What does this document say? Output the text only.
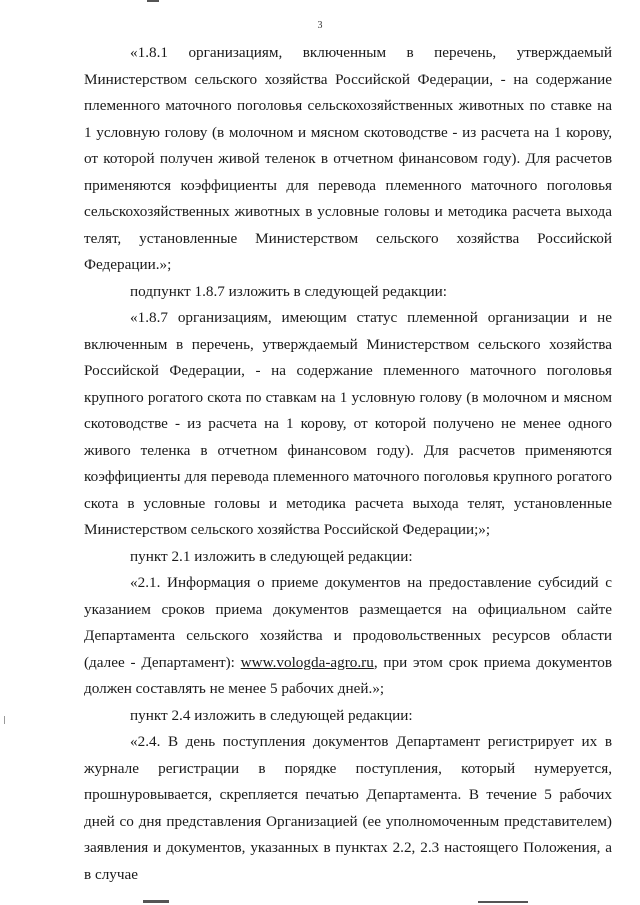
3

«1.8.1 организациям, включенным в перечень, утверждаемый Министерством сельского хозяйства Российской Федерации, - на содержание племенного маточного поголовья сельскохозяйственных животных по ставке на 1 условную голову (в молочном и мясном скотоводстве - из расчета на 1 корову, от которой получен живой теленок в отчетном финансовом году). Для расчетов применяются коэффициенты для перевода племенного маточного поголовья сельскохозяйственных животных в условные головы и методика расчета выхода телят, установленные Министерством сельского хозяйства Российской Федерации.»;

подпункт 1.8.7 изложить в следующей редакции:

«1.8.7 организациям, имеющим статус племенной организации и не включенным в перечень, утверждаемый Министерством сельского хозяйства Российской Федерации, - на содержание племенного маточного поголовья крупного рогатого скота по ставкам на 1 условную голову (в молочном и мясном скотоводстве - из расчета на 1 корову, от которой получено не менее одного живого теленка в отчетном финансовом году). Для расчетов применяются коэффициенты для перевода племенного маточного поголовья крупного рогатого скота в условные головы и методика расчета выхода телят, установленные Министерством сельского хозяйства Российской Федерации;»;

пункт 2.1 изложить в следующей редакции:

«2.1. Информация о приеме документов на предоставление субсидий с указанием сроков приема документов размещается на официальном сайте Департамента сельского хозяйства и продовольственных ресурсов области (далее - Департамент): www.vologda-agro.ru, при этом срок приема документов должен составлять не менее 5 рабочих дней.»;

пункт 2.4 изложить в следующей редакции:

«2.4. В день поступления документов Департамент регистрирует их в журнале регистрации в порядке поступления, который нумеруется, прошнуровывается, скрепляется печатью Департамента. В течение 5 рабочих дней со дня представления Организацией (ее уполномоченным представителем) заявления и документов, указанных в пунктах 2.2, 2.3 настоящего Положения, а в случае
